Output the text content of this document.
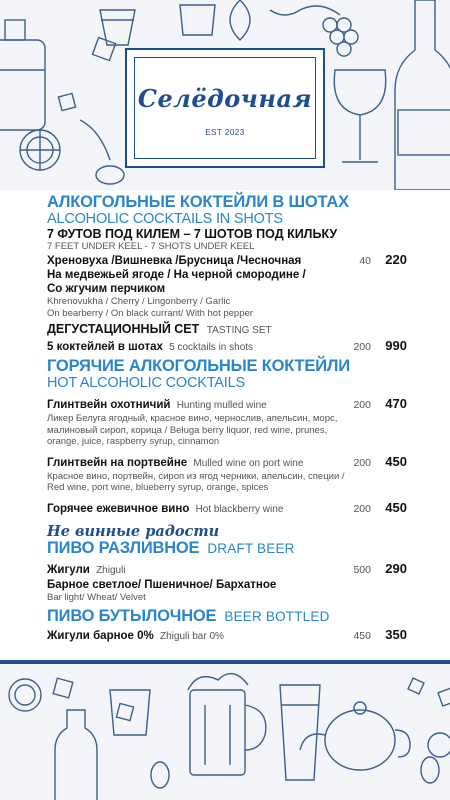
Селёдочная
EST 2023
АЛКОГОЛЬНЫЕ КОКТЕЙЛИ В ШОТАХ
ALCOHOLIC COCKTAILS IN SHOTS
7 ФУТОВ ПОД КИЛЕМ – 7 ШОТОВ ПОД КИЛЬКУ
7 FEET UNDER KEEL - 7 SHOTS UNDER KEEL
Хреновуха /Вишневка /Брусница /Чесночная	40	220
На медвежьей ягоде / На черной смородине /
Со жгучим перчиком
Khrenovukha / Cherry / Lingonberry / Garlic
On bearberry / On black currant/ With hot pepper
ДЕГУСТАЦИОННЫЙ СЕТ TASTING SET
5 коктейлей в шотах 5 cocktails in shots	200	990
ГОРЯЧИЕ АЛКОГОЛЬНЫЕ КОКТЕЙЛИ
HOT ALCOHOLIC COCKTAILS
Глинтвейн охотничий Hunting mulled wine	200	470
Ликер Белуга ягодный, красное вино, чернослив, апельсин, морс, малиновый сироп, корица / Beluga berry liquor, red wine, prunes, orange, juice, raspberry syrup, cinnamon
Глинтвейн на портвейне Mulled wine on port wine	200	450
Красное вино, портвейн, сироп из ягод черники, апельсин, специи / Red wine, port wine, blueberry syrup, orange, spices
Горячее ежевичное вино Hot blackberry wine	200	450
Не винные радости
ПИВО РАЗЛИВНОЕ DRAFT BEER
Жигули Zhiguli	500	290
Барное светлое/ Пшеничное/ Бархатное
Bar light/ Wheat/ Velvet
ПИВО БУТЫЛОЧНОЕ BEER BOTTLED
Жигули барное 0% Zhiguli bar 0%	450	350
